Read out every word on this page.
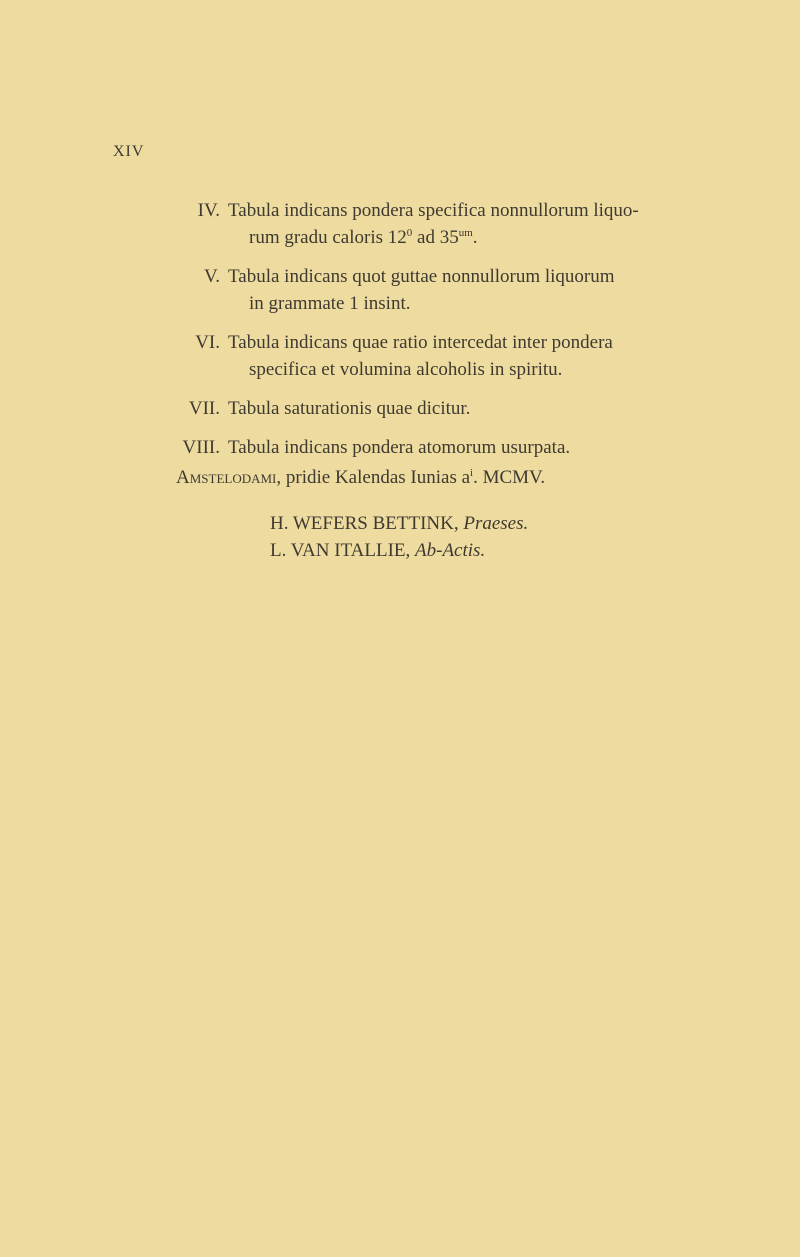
XIV
IV. Tabula indicans pondera specifica nonnullorum liquo-
rum gradu caloris $12^0$ ad $35^{um}$.
V. Tabula indicans quot guttae nonnullorum liquorum
in grammate 1 insint.
VI. Tabula indicans quae ratio intercedat inter pondera
specifica et volumina alcoholis in spiritu.
VII. Tabula saturationis quae dicitur.
VIII. Tabula indicans pondera atomorum usurpata.
Amstelodami, pridie Kalendas Iunias $a^i$. MCMV.
H. WEFERS BETTINK, Praeses.
L. VAN ITALLIE, Ab-Actis.
